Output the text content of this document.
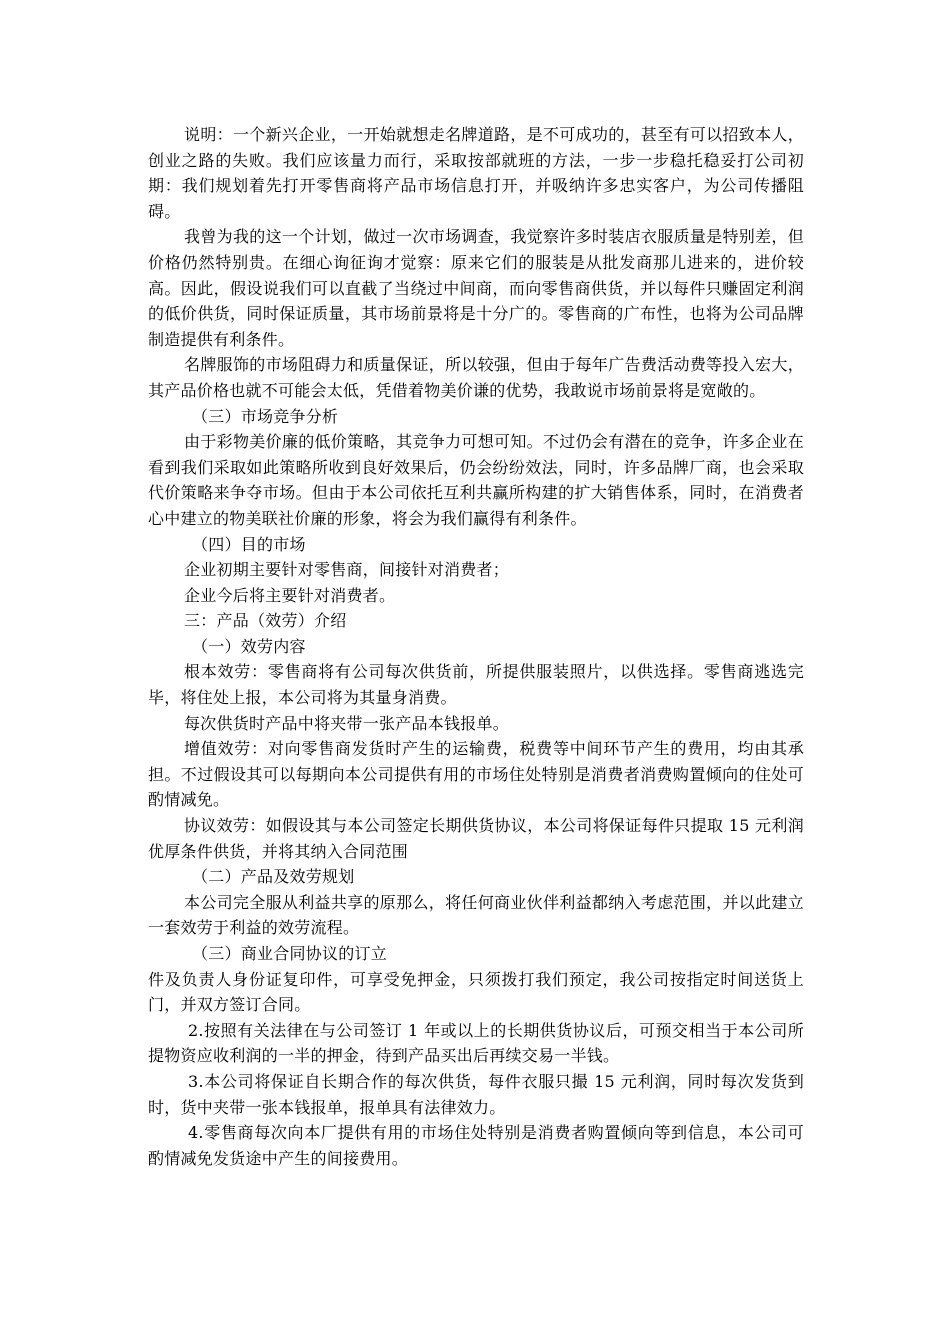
说明：一个新兴企业，一开始就想走名牌道路，是不可成功的，甚至有可以招致本人，创业之路的失败。我们应该量力而行，采取按部就班的方法，一步一步稳托稳妥打公司初期：我们规划着先打开零售商将产品市场信息打开，并吸纳许多忠实客户，为公司传播阻碍。

我曾为我的这一个计划，做过一次市场调查，我觉察许多时装店衣服质量是特别差，但价格仍然特别贵。在细心询征询才觉察：原来它们的服装是从批发商那儿进来的，进价较高。因此，假设说我们可以直截了当绕过中间商，而向零售商供货，并以每件只赚固定利润的低价供货，同时保证质量，其市场前景将是十分广的。零售商的广布性，也将为公司品牌制造提供有利条件。

名牌服饰的市场阻碍力和质量保证，所以较强，但由于每年广告费活动费等投入宏大，其产品价格也就不可能会太低，凭借着物美价谦的优势，我敢说市场前景将是宽敞的。

（三）市场竞争分析

由于彩物美价廉的低价策略，其竞争力可想可知。不过仍会有潜在的竞争，许多企业在看到我们采取如此策略所收到良好效果后，仍会纷纷效法，同时，许多品牌厂商，也会采取代价策略来争夺市场。但由于本公司依托互利共赢所构建的扩大销售体系，同时，在消费者心中建立的物美联社价廉的形象，将会为我们赢得有利条件。

（四）目的市场

企业初期主要针对零售商，间接针对消费者；

企业今后将主要针对消费者。

三：产品（效劳）介绍

（一）效劳内容

根本效劳：零售商将有公司每次供货前，所提供服装照片，以供选择。零售商逃选完毕，将住处上报，本公司将为其量身消费。

每次供货时产品中将夹带一张产品本钱报单。

增值效劳：对向零售商发货时产生的运输费，税费等中间环节产生的费用，均由其承担。不过假设其可以每期向本公司提供有用的市场住处特别是消费者消费购置倾向的住处可酌情减免。

协议效劳：如假设其与本公司签定长期供货协议，本公司将保证每件只提取 15 元利润优厚条件供货，并将其纳入合同范围

（二）产品及效劳规划

本公司完全服从利益共享的原那么，将任何商业伙伴利益都纳入考虑范围，并以此建立一套效劳于利益的效劳流程。

（三）商业合同协议的订立

件及负责人身份证复印件，可享受免押金，只须拨打我们预定，我公司按指定时间送货上门，并双方签订合同。

2.按照有关法律在与公司签订 1 年或以上的长期供货协议后，可预交相当于本公司所提物资应收利润的一半的押金，待到产品买出后再续交易一半钱。

3.本公司将保证自长期合作的每次供货，每件衣服只撮 15 元利润，同时每次发货到时，货中夹带一张本钱报单，报单具有法律效力。

4.零售商每次向本厂提供有用的市场住处特别是消费者购置倾向等到信息，本公司可酌情减免发货途中产生的间接费用。
